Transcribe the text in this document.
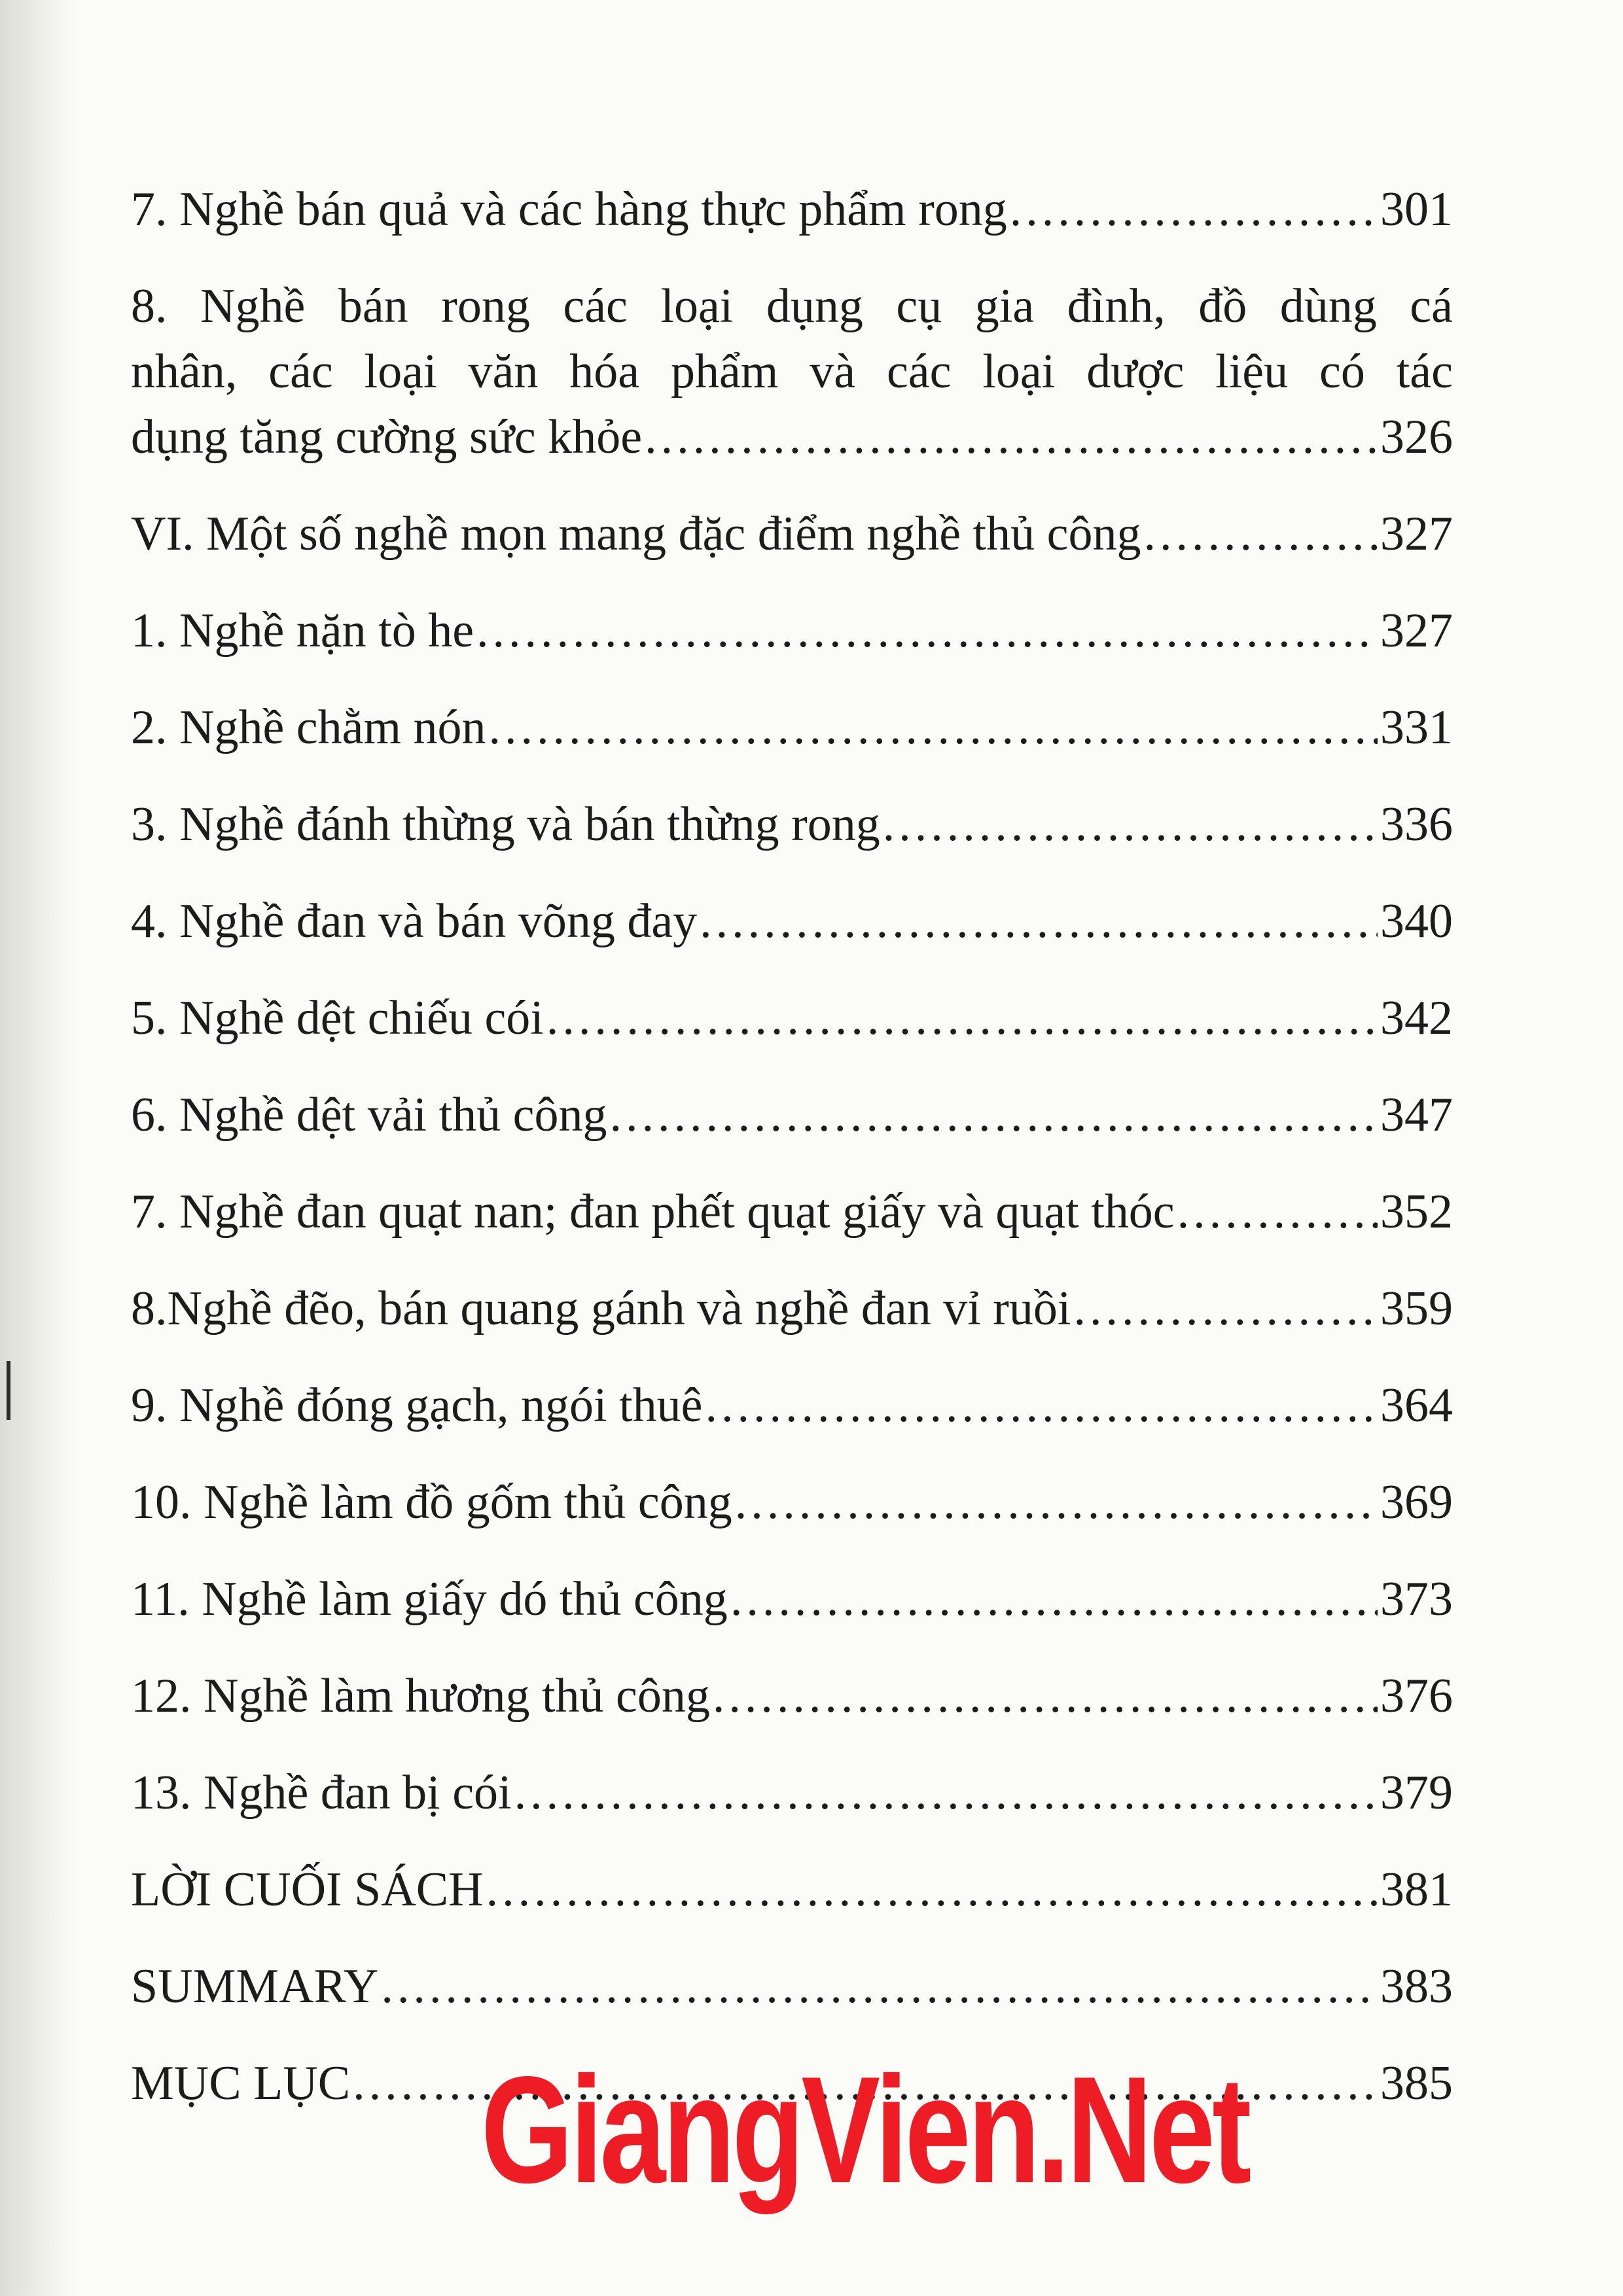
7. Nghề bán quả và các hàng thực phẩm rong .....	301
8. Nghề bán rong các loại dụng cụ gia đình, đồ dùng cá
nhân, các loại văn hóa phẩm và các loại dược liệu có tác
dụng tăng cường sức khỏe .....	326
VI. Một số nghề mọn mang đặc điểm nghề thủ công .....	327
1. Nghề nặn tò he .....	327
2. Nghề chằm nón .....	331
3. Nghề đánh thừng và bán thừng rong .....	336
4. Nghề đan và bán võng đay .....	340
5. Nghề dệt chiếu cói .....	342
6. Nghề dệt vải thủ công .....	347
7. Nghề đan quạt nan; đan phết quạt giấy và quạt thóc .....	352
8.Nghề đẽo, bán quang gánh và nghề đan vỉ ruồi .....	359
9. Nghề đóng gạch, ngói thuê .....	364
10. Nghề làm đồ gốm thủ công .....	369
11. Nghề làm giấy dó thủ công .....	373
12. Nghề làm hương thủ công .....	376
13. Nghề đan bị cói .....	379
LỜI CUỐI SÁCH .....	381
SUMMARY .....	383
MỤC LỤC .....	385
GiangVien.Net
